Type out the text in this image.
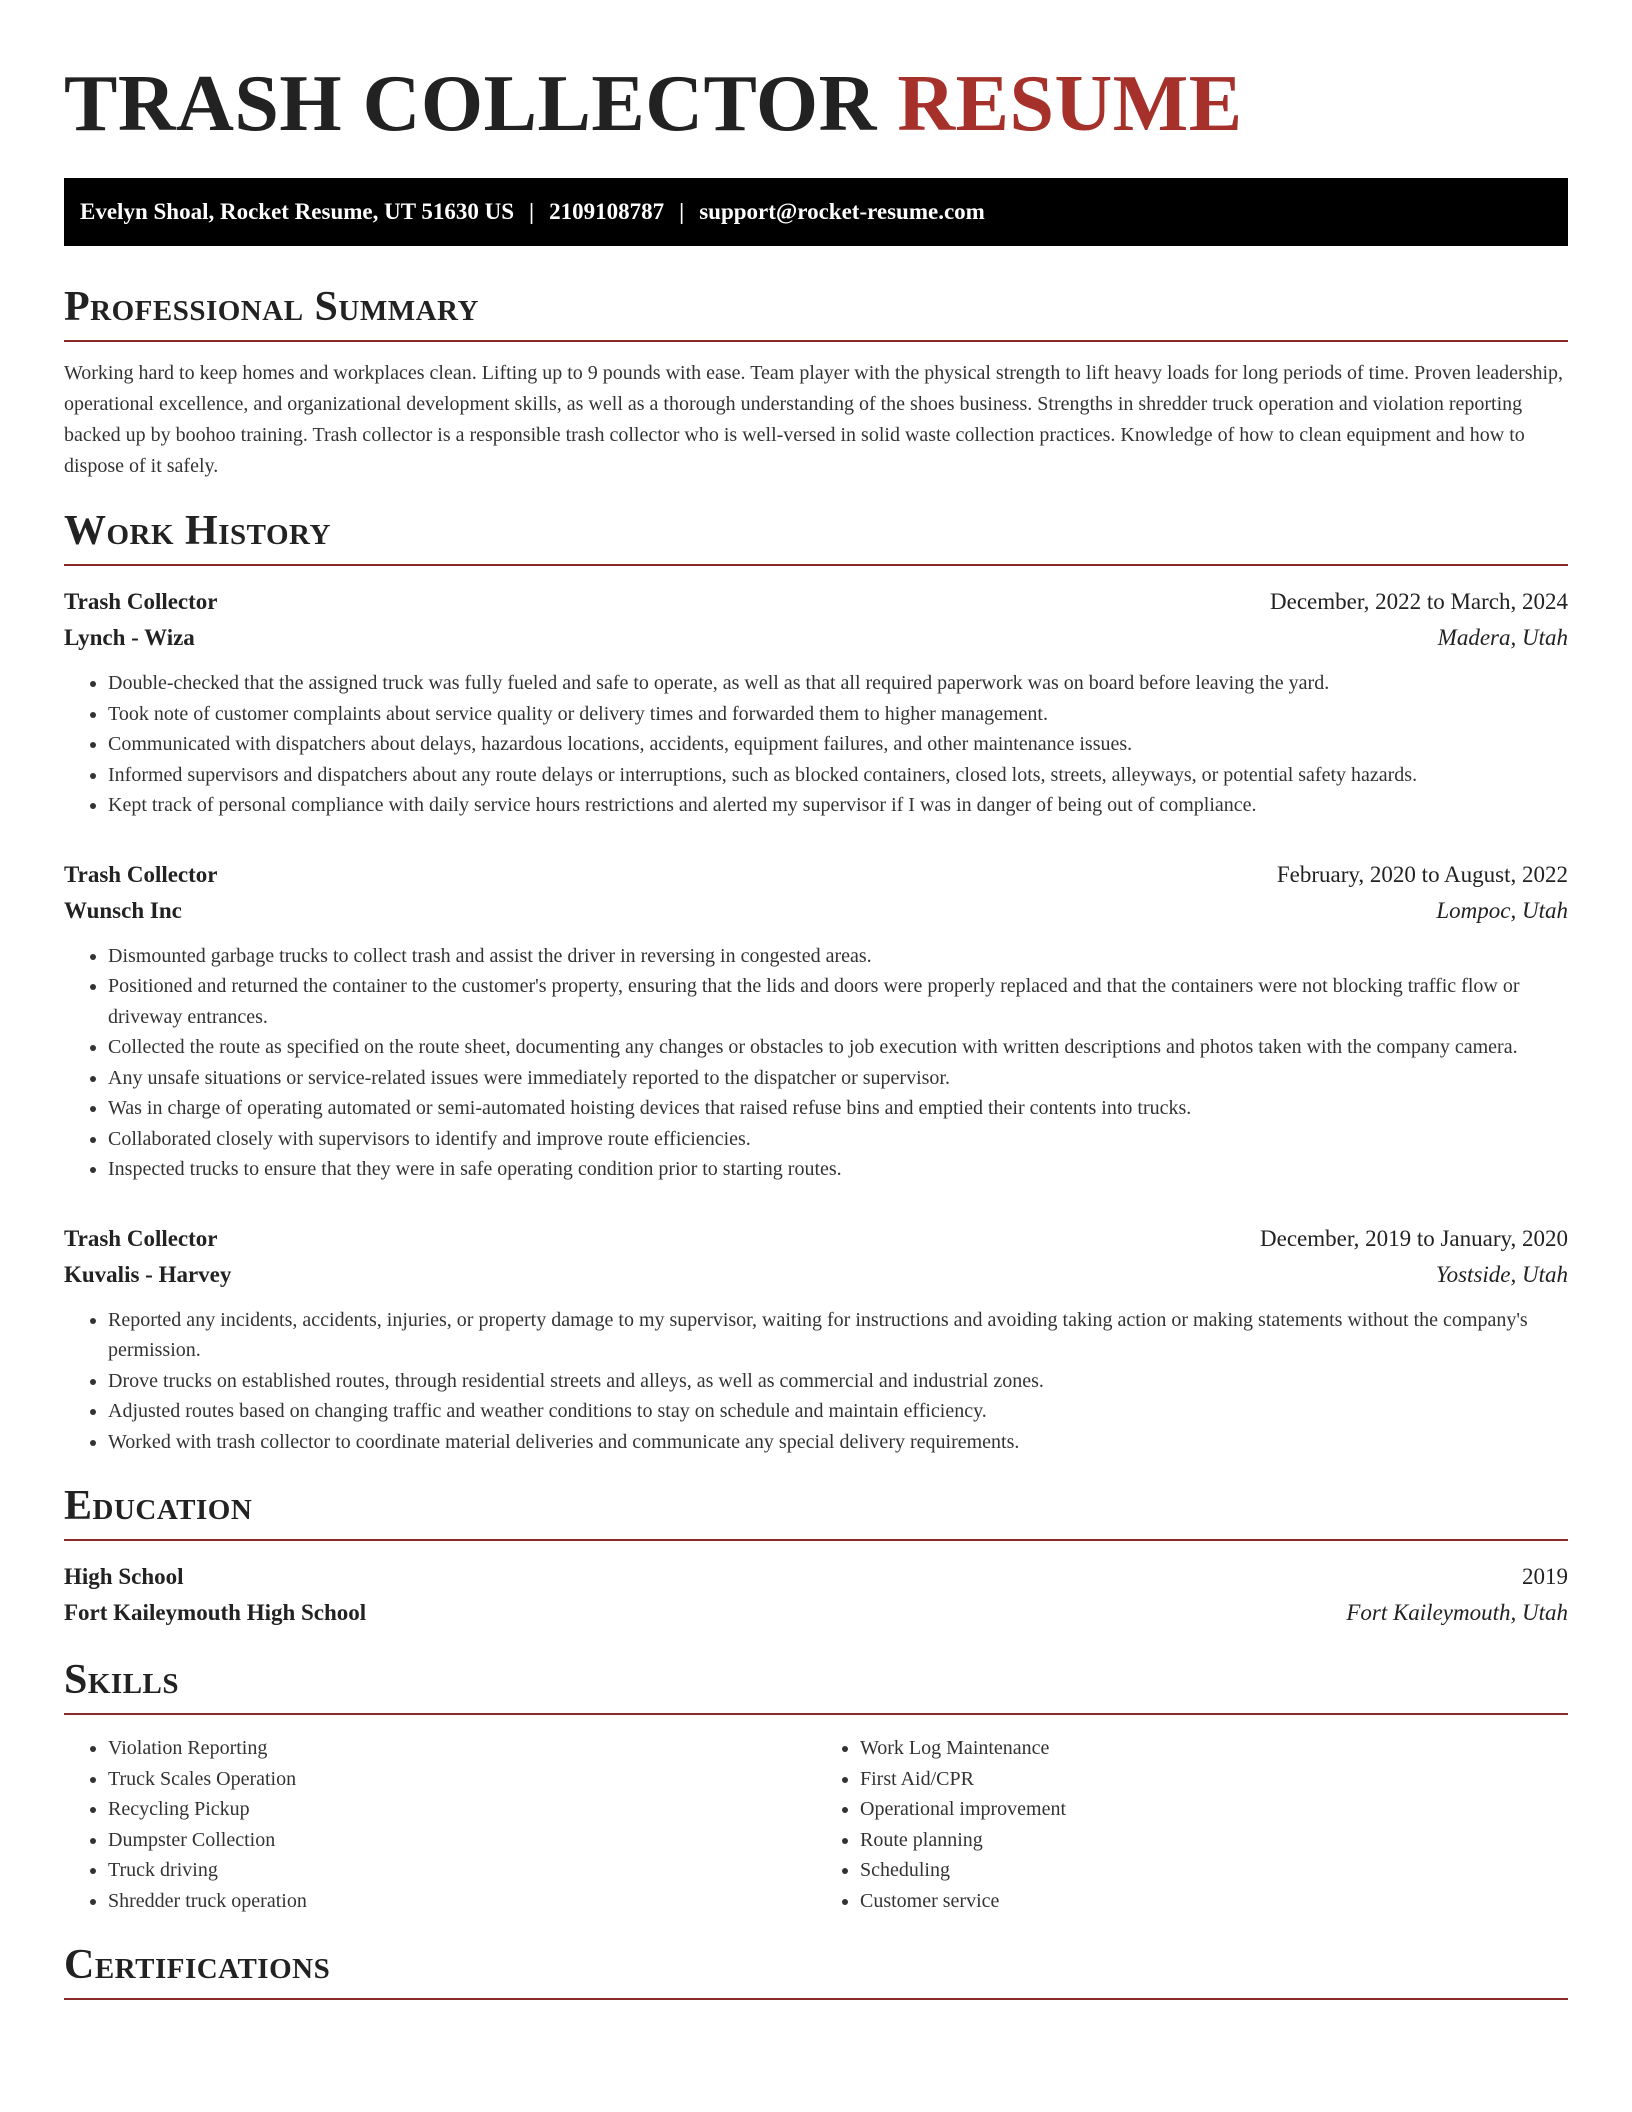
TRASH COLLECTOR RESUME
Evelyn Shoal, Rocket Resume, UT 51630 US | 2109108787 | support@rocket-resume.com
Professional Summary

Working hard to keep homes and workplaces clean. Lifting up to 9 pounds with ease. Team player with the physical strength to lift heavy loads for long periods of time. Proven leadership, operational excellence, and organizational development skills, as well as a thorough understanding of the shoes business. Strengths in shredder truck operation and violation reporting backed up by boohoo training. Trash collector is a responsible trash collector who is well-versed in solid waste collection practices. Knowledge of how to clean equipment and how to dispose of it safely.

Work History
Trash Collector	December, 2022 to March, 2024
Lynch - Wiza	Madera, Utah
• Double-checked that the assigned truck was fully fueled and safe to operate, as well as that all required paperwork was on board before leaving the yard.
• Took note of customer complaints about service quality or delivery times and forwarded them to higher management.
• Communicated with dispatchers about delays, hazardous locations, accidents, equipment failures, and other maintenance issues.
• Informed supervisors and dispatchers about any route delays or interruptions, such as blocked containers, closed lots, streets, alleyways, or potential safety hazards.
• Kept track of personal compliance with daily service hours restrictions and alerted my supervisor if I was in danger of being out of compliance.
Trash Collector	February, 2020 to August, 2022
Wunsch Inc	Lompoc, Utah
• Dismounted garbage trucks to collect trash and assist the driver in reversing in congested areas.
• Positioned and returned the container to the customer's property, ensuring that the lids and doors were properly replaced and that the containers were not blocking traffic flow or driveway entrances.
• Collected the route as specified on the route sheet, documenting any changes or obstacles to job execution with written descriptions and photos taken with the company camera.
• Any unsafe situations or service-related issues were immediately reported to the dispatcher or supervisor.
• Was in charge of operating automated or semi-automated hoisting devices that raised refuse bins and emptied their contents into trucks.
• Collaborated closely with supervisors to identify and improve route efficiencies.
• Inspected trucks to ensure that they were in safe operating condition prior to starting routes.
Trash Collector	December, 2019 to January, 2020
Kuvalis - Harvey	Yostside, Utah
• Reported any incidents, accidents, injuries, or property damage to my supervisor, waiting for instructions and avoiding taking action or making statements without the company's permission.
• Drove trucks on established routes, through residential streets and alleys, as well as commercial and industrial zones.
• Adjusted routes based on changing traffic and weather conditions to stay on schedule and maintain efficiency.
• Worked with trash collector to coordinate material deliveries and communicate any special delivery requirements.
Education
High School	2019
Fort Kaileymouth High School	Fort Kaileymouth, Utah
Skills
• Violation Reporting
• Truck Scales Operation
• Recycling Pickup
• Dumpster Collection
• Truck driving
• Shredder truck operation
• Work Log Maintenance
• First Aid/CPR
• Operational improvement
• Route planning
• Scheduling
• Customer service
Certifications
